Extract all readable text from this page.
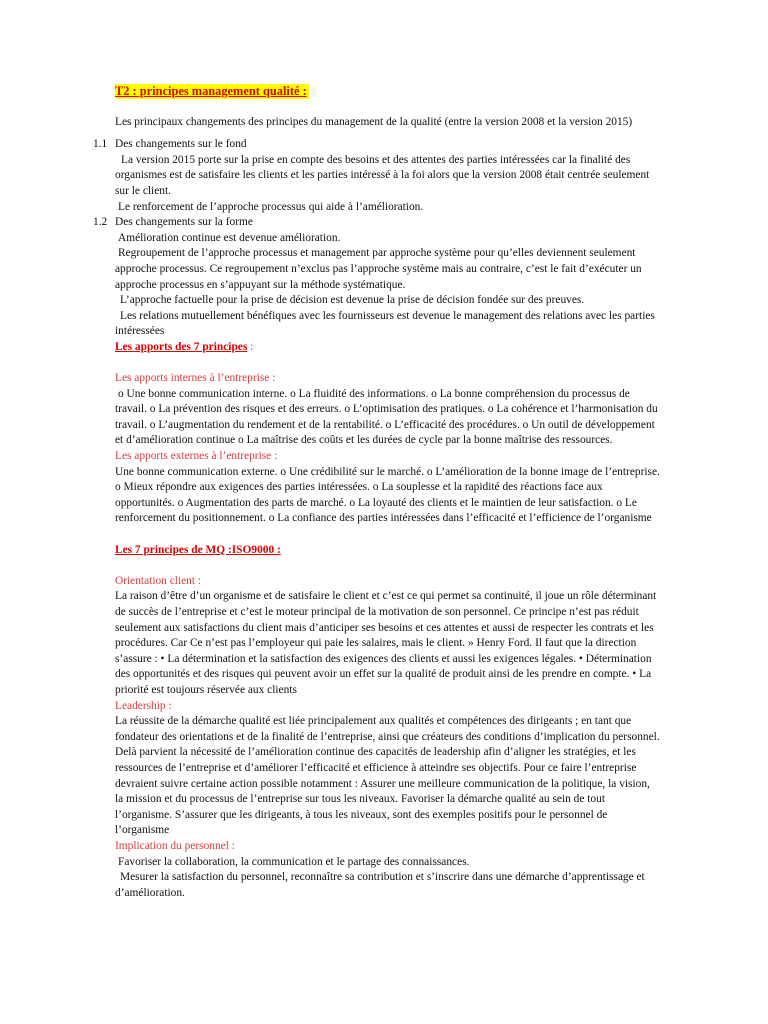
T2 : principes management qualité :

Les principaux changements des principes du management de la qualité (entre la version 2008 et la version 2015)

1.1 Des changements sur le fond

La version 2015 porte sur la prise en compte des besoins et des attentes des parties intéressées car la finalité des organismes est de satisfaire les clients et les parties intéressé à la foi alors que la version 2008 était centrée seulement sur le client.

Le renforcement de l’approche processus qui aide à l’amélioration.

1.2 Des changements sur la forme

Amélioration continue est devenue amélioration.

Regroupement de l’approche processus et management par approche système pour qu’elles deviennent seulement approche processus. Ce regroupement n’exclus pas l’approche système mais au contraire, c’est le fait d’exécuter un approche processus en s’appuyant sur la méthode systématique.

L’approche factuelle pour la prise de décision est devenue la prise de décision fondée sur des preuves.

Les relations mutuellement bénéfiques avec les fournisseurs est devenue le management des relations avec les parties intéressées

Les apports des 7 principes :

Les apports internes à l’entreprise :

o Une bonne communication interne. o La fluidité des informations. o La bonne compréhension du processus de travail. o La prévention des risques et des erreurs. o L’optimisation des pratiques. o La cohérence et l’harmonisation du travail. o L’augmentation du rendement et de la rentabilité. o L’efficacité des procédures. o Un outil de développement et d’amélioration continue o La maîtrise des coûts et les durées de cycle par la bonne maîtrise des ressources.

Les apports externes à l’entreprise :

Une bonne communication externe. o Une crédibilité sur le marché. o L’amélioration de la bonne image de l’entreprise. o Mieux répondre aux exigences des parties intéressées. o La souplesse et la rapidité des réactions face aux opportunités. o Augmentation des parts de marché. o La loyauté des clients et le maintien de leur satisfaction. o Le renforcement du positionnement. o La confiance des parties intéressées dans l’efficacité et l’efficience de l’organisme

Les 7 principes de MQ :ISO9000 :

Orientation client :

La raison d’être d’un organisme et de satisfaire le client et c’est ce qui permet sa continuité, il joue un rôle déterminant de succès de l’entreprise et c’est le moteur principal de la motivation de son personnel. Ce principe n’est pas réduit seulement aux satisfactions du client mais d’anticiper ses besoins et ces attentes et aussi de respecter les contrats et les procédures. Car Ce n’est pas l’employeur qui paie les salaires, mais le client. » Henry Ford. Il faut que la direction s’assure : • La détermination et la satisfaction des exigences des clients et aussi les exigences légales. • Détermination des opportunités et des risques qui peuvent avoir un effet sur la qualité de produit ainsi de les prendre en compte. • La priorité est toujours réservée aux clients

Leadership :

La réussite de la démarche qualité est liée principalement aux qualités et compétences des dirigeants ; en tant que fondateur des orientations et de la finalité de l’entreprise, ainsi que créateurs des conditions d’implication du personnel. Delà parvient la nécessité de l’amélioration continue des capacités de leadership afin d’aligner les stratégies, et les ressources de l’entreprise et d’améliorer l’efficacité et efficience à atteindre ses objectifs. Pour ce faire l’entreprise devraient suivre certaine action possible notamment : Assurer une meilleure communication de la politique, la vision, la mission et du processus de l’entreprise sur tous les niveaux. Favoriser la démarche qualité au sein de tout l’organisme. S’assurer que les dirigeants, à tous les niveaux, sont des exemples positifs pour le personnel de l’organisme

Implication du personnel :

Favoriser la collaboration, la communication et le partage des connaissances.

Mesurer la satisfaction du personnel, reconnaître sa contribution et s’inscrire dans une démarche d’apprentissage et d’amélioration.
